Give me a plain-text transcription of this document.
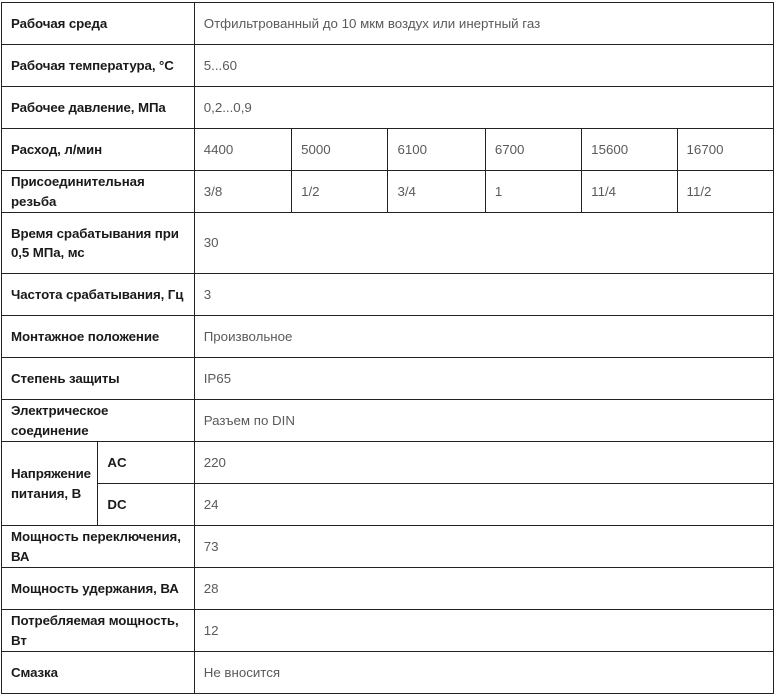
Рабочая среда		Отфильтрованный до 10 мкм воздух или инертный газ					
Рабочая температура, °С		5...60					
Рабочее давление, МПа		0,2...0,9					
Расход, л/мин		4400	5000	6100	6700	15600	16700
Присоединительная резьба		3/8	1/2	3/4	1	11/4	11/2
Время срабатывания при 0,5 МПа, мс		30					
Частота срабатывания, Гц		3					
Монтажное положение		Произвольное					
Степень защиты		IP65					
Электрическое соединение		Разъем по DIN					
Напряжение питания, В	AC	220					
	DC	24					
Мощность переключения, ВА		73					
Мощность удержания, ВА		28					
Потребляемая мощность, Вт		12					
Смазка		Не вносится					
